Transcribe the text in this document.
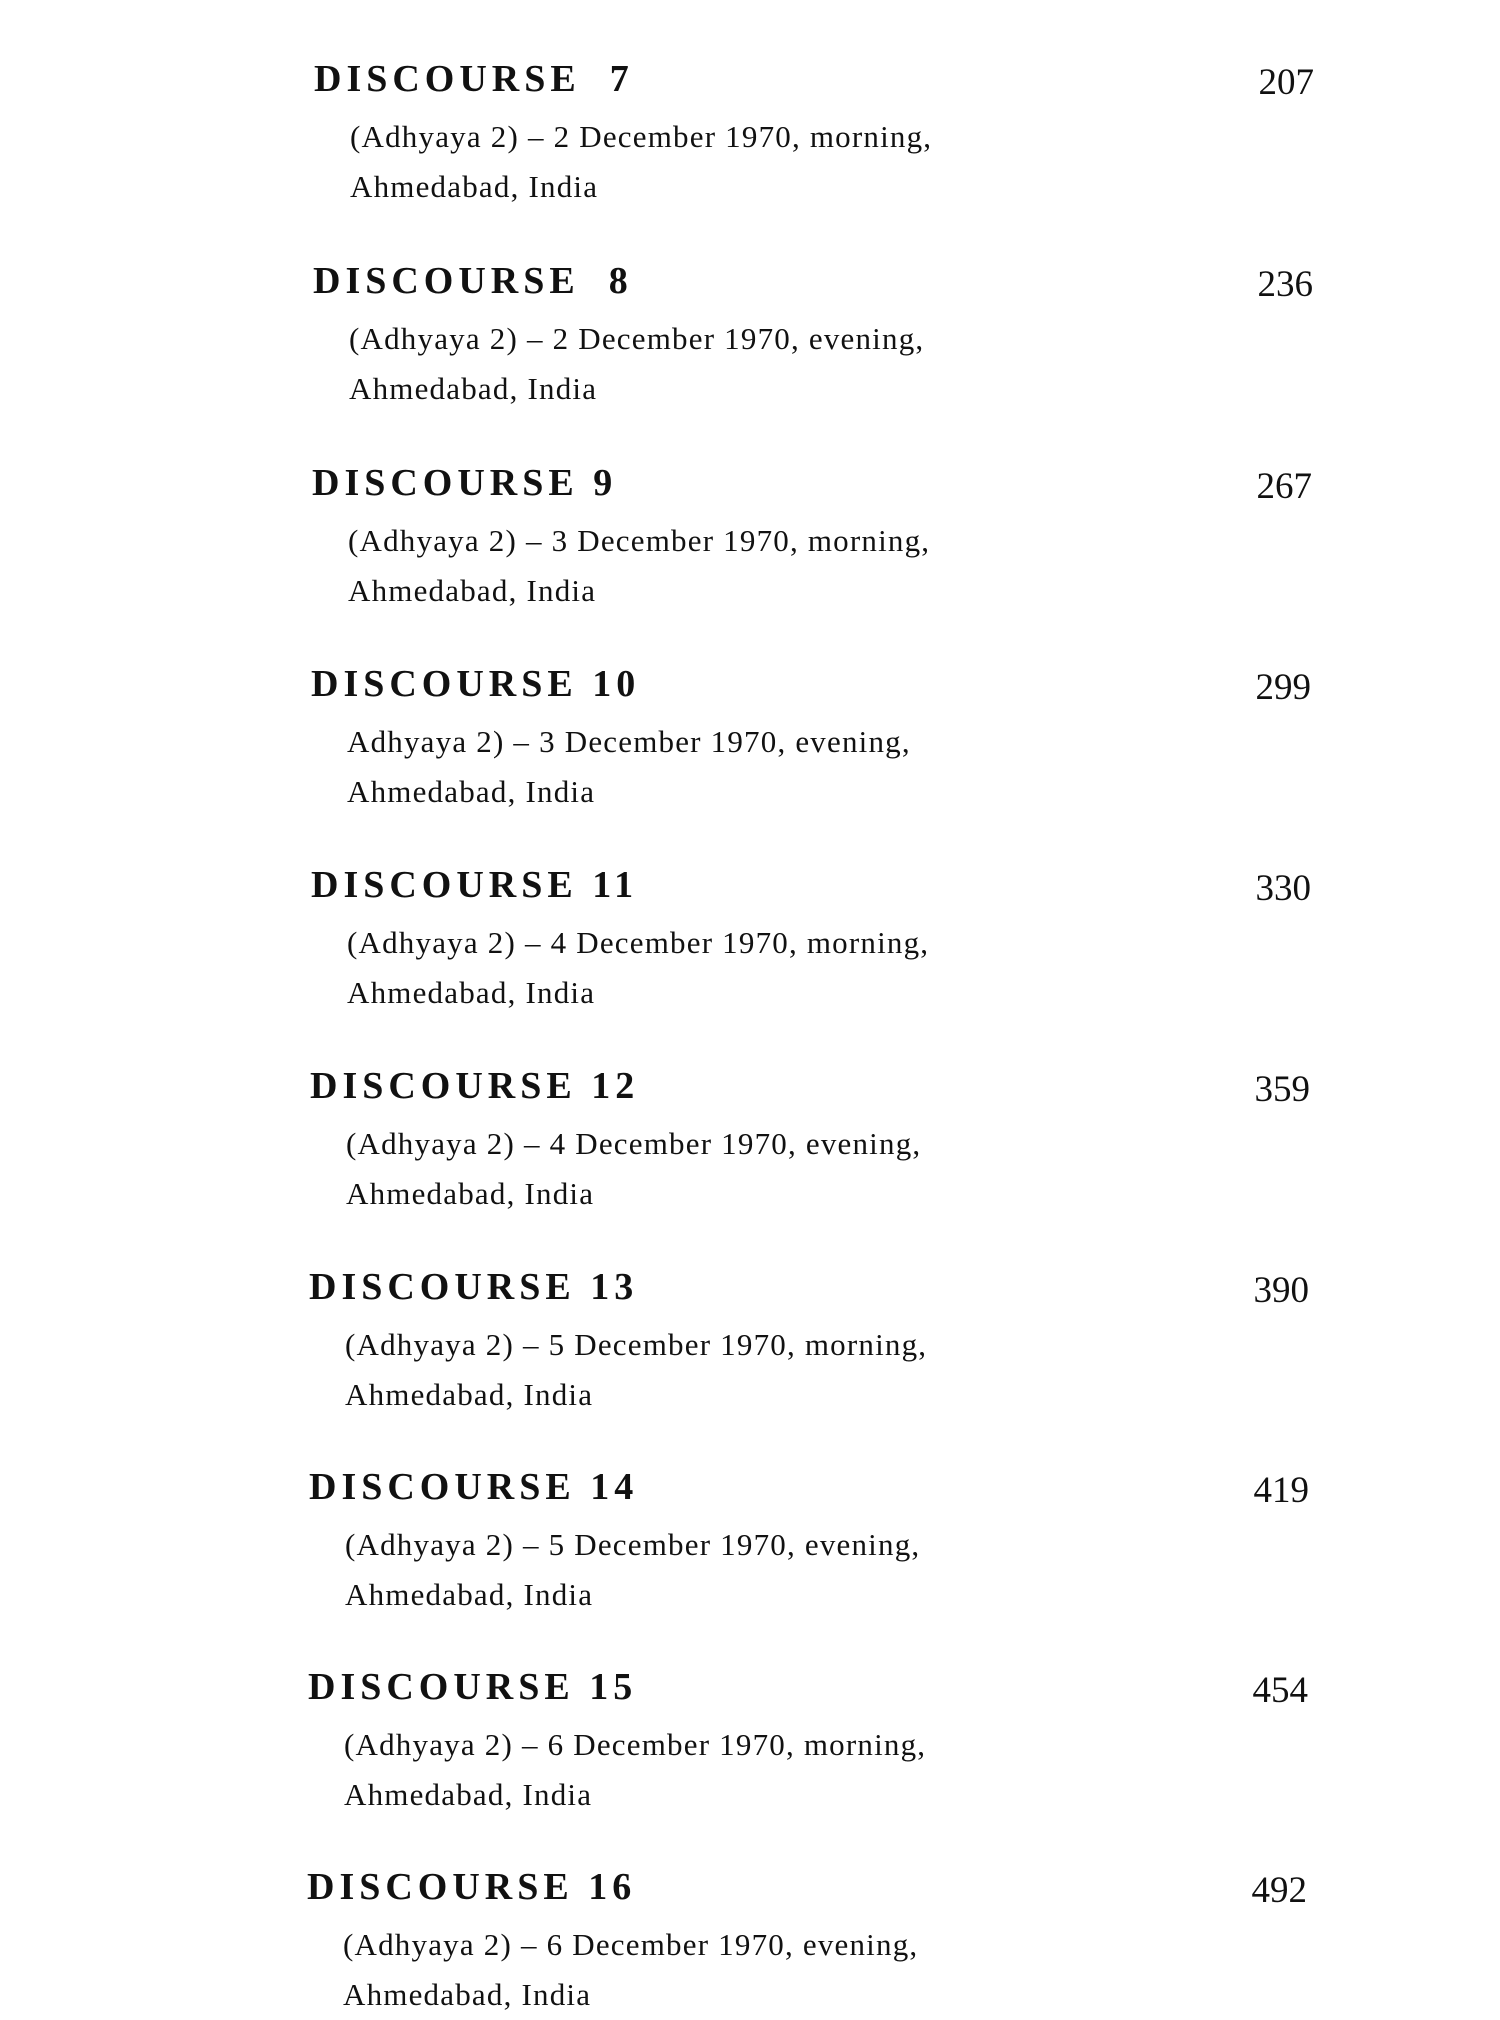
DISCOURSE  7	207
(Adhyaya 2) – 2 December 1970, morning,
Ahmedabad, India
DISCOURSE  8	236
(Adhyaya 2) – 2 December 1970, evening,
Ahmedabad, India
DISCOURSE 9	267
(Adhyaya 2) – 3 December 1970, morning,
Ahmedabad, India
DISCOURSE 10	299
Adhyaya 2) – 3 December 1970, evening,
Ahmedabad, India
DISCOURSE 11	330
(Adhyaya 2) – 4 December 1970, morning,
Ahmedabad, India
DISCOURSE 12	359
(Adhyaya 2) – 4 December 1970, evening,
Ahmedabad, India
DISCOURSE 13	390
(Adhyaya 2) – 5 December 1970, morning,
Ahmedabad, India
DISCOURSE 14	419
(Adhyaya 2) – 5 December 1970, evening,
Ahmedabad, India
DISCOURSE 15	454
(Adhyaya 2) – 6 December 1970, morning,
Ahmedabad, India
DISCOURSE 16	492
(Adhyaya 2) – 6 December 1970, evening,
Ahmedabad, India
